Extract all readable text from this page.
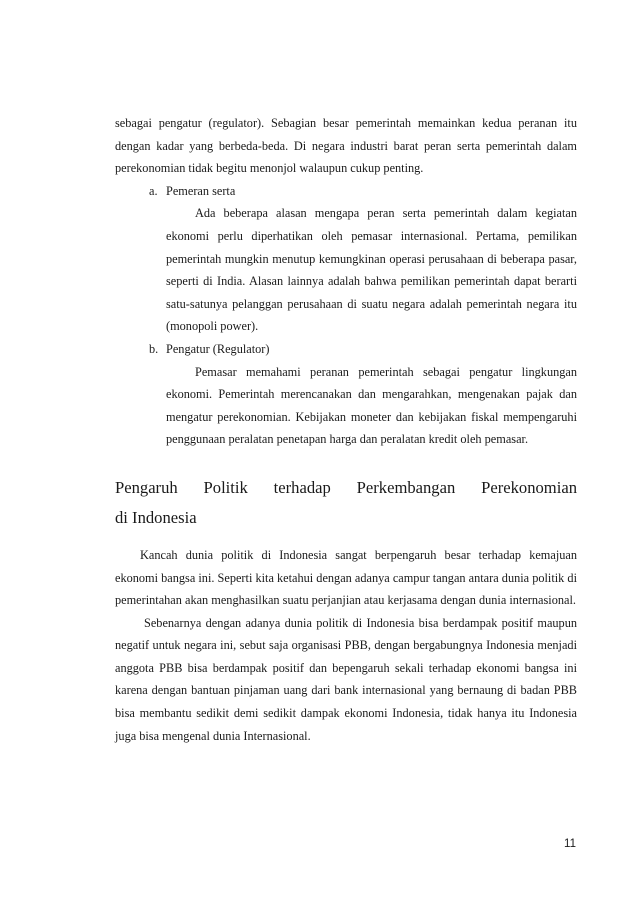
sebagai pengatur (regulator). Sebagian besar pemerintah memainkan kedua peranan itu dengan kadar yang berbeda-beda. Di negara industri barat peran serta pemerintah dalam perekonomian tidak begitu menonjol walaupun cukup penting.

a. Pemeran serta

Ada beberapa alasan mengapa peran serta pemerintah dalam kegiatan ekonomi perlu diperhatikan oleh pemasar internasional. Pertama, pemilikan pemerintah mungkin menutup kemungkinan operasi perusahaan di beberapa pasar, seperti di India. Alasan lainnya adalah bahwa pemilikan pemerintah dapat berarti satu-satunya pelanggan perusahaan di suatu negara adalah pemerintah negara itu (monopoli power).

b. Pengatur (Regulator)

Pemasar memahami peranan pemerintah sebagai pengatur lingkungan ekonomi. Pemerintah merencanakan dan mengarahkan, mengenakan pajak dan mengatur perekonomian. Kebijakan moneter dan kebijakan fiskal mempengaruhi penggunaan peralatan penetapan harga dan peralatan kredit oleh pemasar.

Pengaruh Politik terhadap Perkembangan Perekonomian
di Indonesia

Kancah dunia politik di Indonesia sangat berpengaruh besar terhadap kemajuan ekonomi bangsa ini. Seperti kita ketahui dengan adanya campur tangan antara dunia politik di pemerintahan akan menghasilkan suatu perjanjian atau kerjasama dengan dunia internasional.

Sebenarnya dengan adanya dunia politik di Indonesia bisa berdampak positif maupun negatif untuk negara ini, sebut saja organisasi PBB, dengan bergabungnya Indonesia menjadi anggota PBB bisa berdampak positif dan bepengaruh sekali terhadap ekonomi bangsa ini karena dengan bantuan pinjaman uang dari bank internasional yang bernaung di badan PBB bisa membantu sedikit demi sedikit dampak ekonomi Indonesia, tidak hanya itu Indonesia juga bisa mengenal dunia Internasional.

11
